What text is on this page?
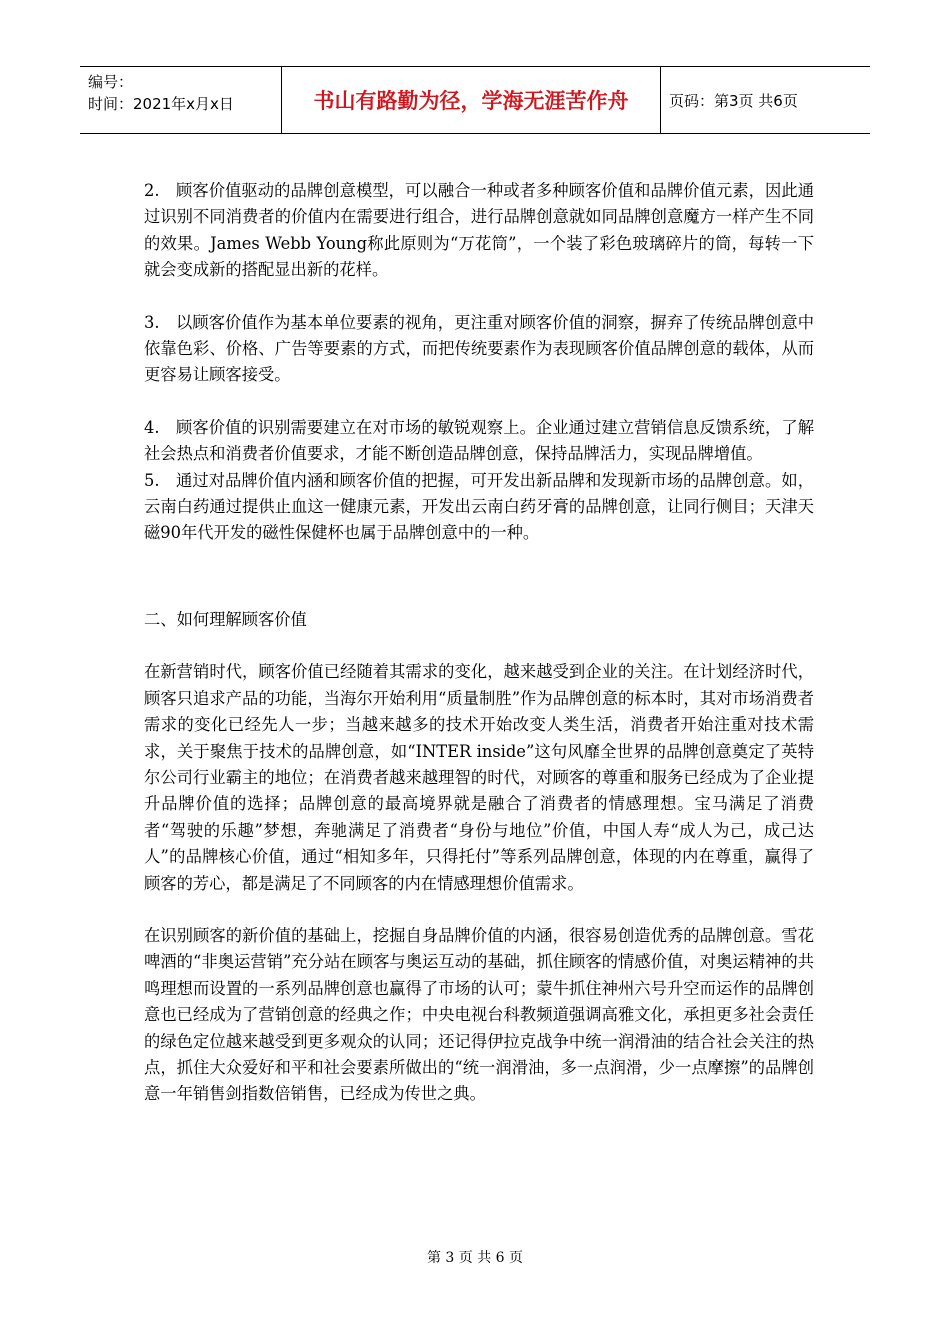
编号：
时间：2021年x月x日	书山有路勤为径，学海无涯苦作舟	页码：第3页 共6页

2.　顾客价值驱动的品牌创意模型，可以融合一种或者多种顾客价值和品牌价值元素，因此通过识别不同消费者的价值内在需要进行组合，进行品牌创意就如同品牌创意魔方一样产生不同的效果。James Webb Young称此原则为“万花筒”，一个装了彩色玻璃碎片的筒，每转一下就会变成新的搭配显出新的花样。

3.　以顾客价值作为基本单位要素的视角，更注重对顾客价值的洞察，摒弃了传统品牌创意中依靠色彩、价格、广告等要素的方式，而把传统要素作为表现顾客价值品牌创意的载体，从而更容易让顾客接受。

4.　顾客价值的识别需要建立在对市场的敏锐观察上。企业通过建立营销信息反馈系统，了解社会热点和消费者价值要求，才能不断创造品牌创意，保持品牌活力，实现品牌增值。

5.　通过对品牌价值内涵和顾客价值的把握，可开发出新品牌和发现新市场的品牌创意。如，云南白药通过提供止血这一健康元素，开发出云南白药牙膏的品牌创意，让同行侧目；天津天磁90年代开发的磁性保健杯也属于品牌创意中的一种。

二、如何理解顾客价值

在新营销时代，顾客价值已经随着其需求的变化，越来越受到企业的关注。在计划经济时代，顾客只追求产品的功能，当海尔开始利用“质量制胜”作为品牌创意的标本时，其对市场消费者需求的变化已经先人一步；当越来越多的技术开始改变人类生活，消费者开始注重对技术需求，关于聚焦于技术的品牌创意，如“INTER inside”这句风靡全世界的品牌创意奠定了英特尔公司行业霸主的地位；在消费者越来越理智的时代，对顾客的尊重和服务已经成为了企业提升品牌价值的选择；品牌创意的最高境界就是融合了消费者的情感理想。宝马满足了消费者“驾驶的乐趣”梦想，奔驰满足了消费者“身份与地位”价值，中国人寿“成人为己，成己达人”的品牌核心价值，通过“相知多年，只得托付”等系列品牌创意，体现的内在尊重，赢得了顾客的芳心，都是满足了不同顾客的内在情感理想价值需求。

在识别顾客的新价值的基础上，挖掘自身品牌价值的内涵，很容易创造优秀的品牌创意。雪花啤酒的“非奥运营销”充分站在顾客与奥运互动的基础，抓住顾客的情感价值，对奥运精神的共鸣理想而设置的一系列品牌创意也赢得了市场的认可；蒙牛抓住神州六号升空而运作的品牌创意也已经成为了营销创意的经典之作；中央电视台科教频道强调高雅文化，承担更多社会责任的绿色定位越来越受到更多观众的认同；还记得伊拉克战争中统一润滑油的结合社会关注的热点，抓住大众爱好和平和社会要素所做出的“统一润滑油，多一点润滑，少一点摩擦”的品牌创意一年销售剑指数倍销售，已经成为传世之典。

第 3 页 共 6 页
